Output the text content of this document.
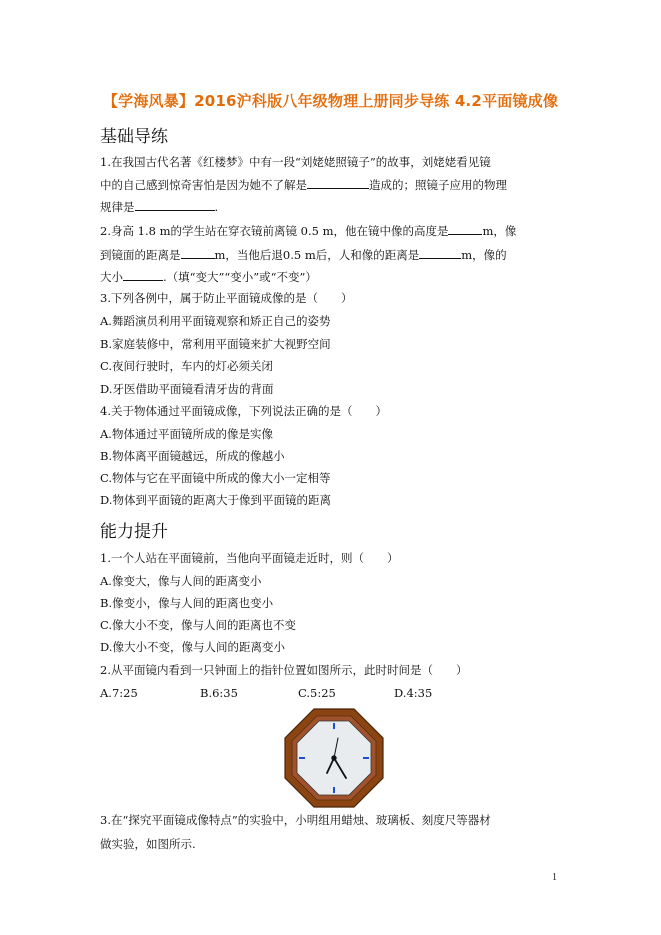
【学海风暴】2016沪科版八年级物理上册同步导练 4.2平面镜成像
基础导练
1.在我国古代名著《红楼梦》中有一段“刘姥姥照镜子”的故事，刘姥姥看见镜
中的自己感到惊奇害怕是因为她不了解是	造成的；照镜子应用的物理
规律是	.
2.身高 1.8 m的学生站在穿衣镜前离镜 0.5 m，他在镜中像的高度是	m，像
到镜面的距离是	m，当他后退0.5 m后，人和像的距离是	m，像的
大小	.（填“变大”“变小”或“不变”）
3.下列各例中，属于防止平面镜成像的是（　　）
A.舞蹈演员利用平面镜观察和矫正自己的姿势
B.家庭装修中，常利用平面镜来扩大视野空间
C.夜间行驶时，车内的灯必须关闭
D.牙医借助平面镜看清牙齿的背面
4.关于物体通过平面镜成像，下列说法正确的是（　　）
A.物体通过平面镜所成的像是实像
B.物体离平面镜越远，所成的像越小
C.物体与它在平面镜中所成的像大小一定相等
D.物体到平面镜的距离大于像到平面镜的距离
能力提升
1.一个人站在平面镜前，当他向平面镜走近时，则（　　）
A.像变大，像与人间的距离变小
B.像变小，像与人间的距离也变小
C.像大小不变，像与人间的距离也不变
D.像大小不变，像与人间的距离变小
2.从平面镜内看到一只钟面上的指针位置如图所示，此时时间是（　　）
A.7:25	B.6:35	C.5:25	D.4:35
3.在“探究平面镜成像特点”的实验中，小明组用蜡烛、玻璃板、刻度尺等器材
做实验，如图所示.
1
